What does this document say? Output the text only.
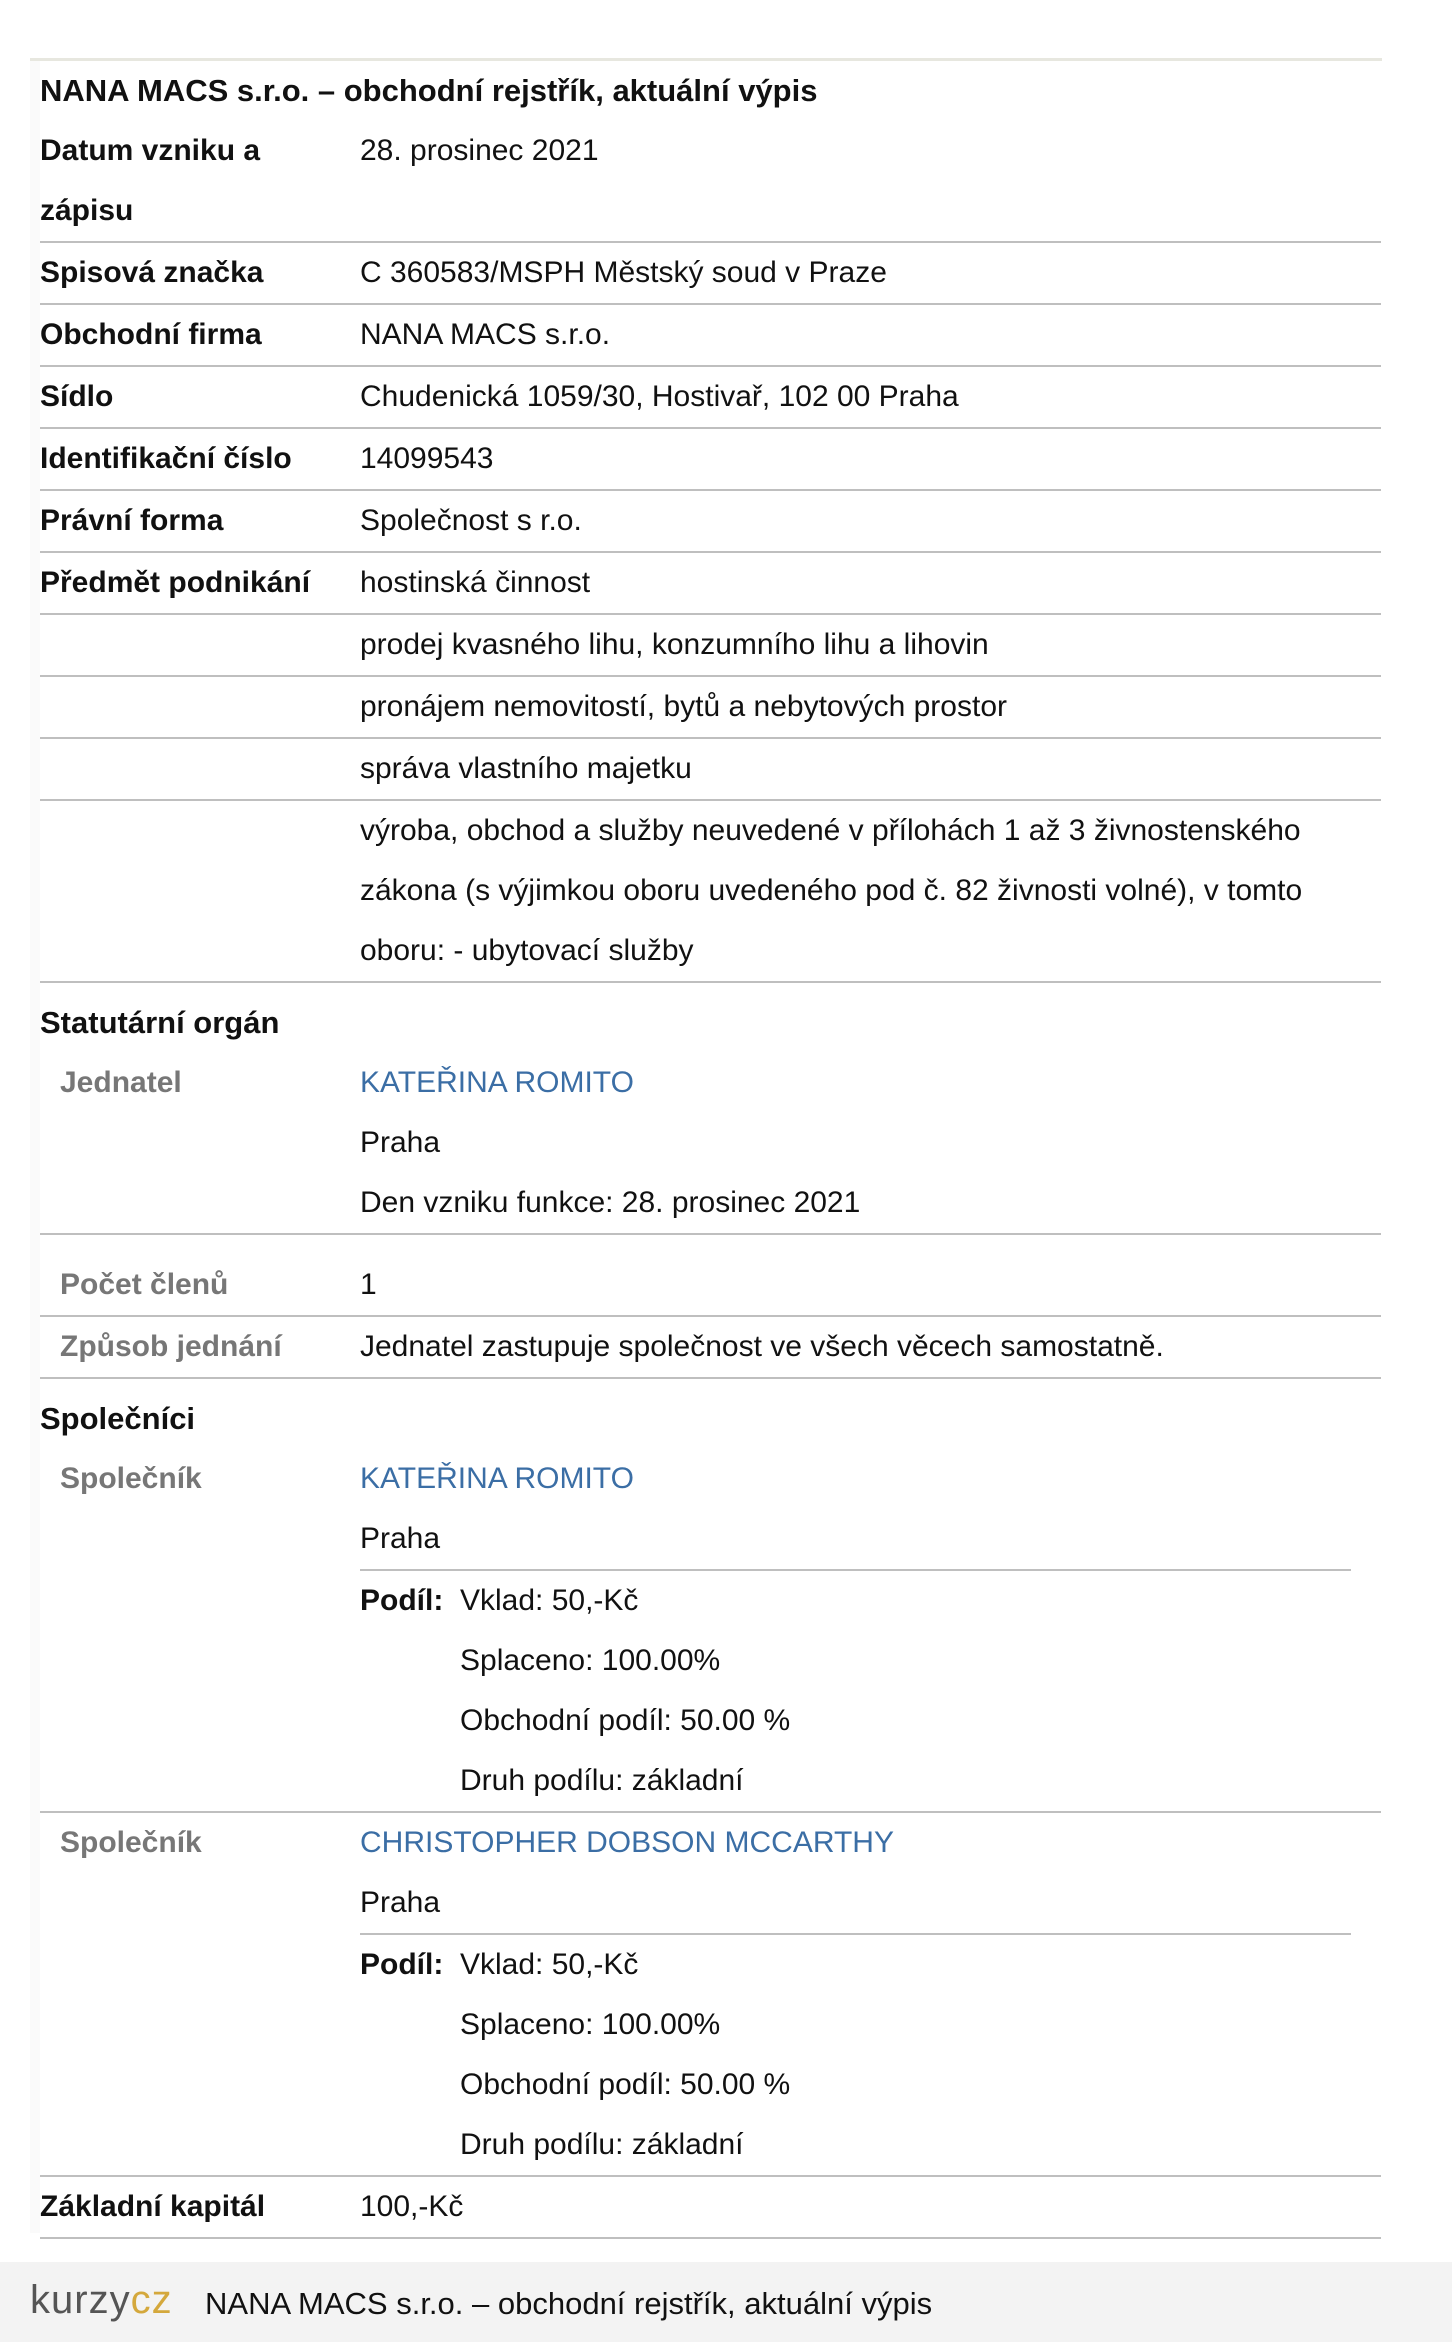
NANA MACS s.r.o. – obchodní rejstřík, aktuální výpis
Datum vzniku a zápisu
28. prosinec 2021
Spisová značka	C 360583/MSPH Městský soud v Praze
Obchodní firma	NANA MACS s.r.o.
Sídlo	Chudenická 1059/30, Hostivař, 102 00 Praha
Identifikační číslo	14099543
Právní forma	Společnost s r.o.
Předmět podnikání	hostinská činnost
prodej kvasného lihu, konzumního lihu a lihovin
pronájem nemovitostí, bytů a nebytových prostor
správa vlastního majetku
výroba, obchod a služby neuvedené v přílohách 1 až 3 živnostenského zákona (s výjimkou oboru uvedeného pod č. 82 živnosti volné), v tomto oboru: - ubytovací služby
Statutární orgán
Jednatel	KATEŘINA ROMITO
Praha
Den vzniku funkce: 28. prosinec 2021
Počet členů	1
Způsob jednání	Jednatel zastupuje společnost ve všech věcech samostatně.
Společníci
Společník	KATEŘINA ROMITO
Praha
Podíl: Vklad: 50,-Kč
Splaceno: 100.00%
Obchodní podíl: 50.00 %
Druh podílu: základní
Společník	CHRISTOPHER DOBSON MCCARTHY
Praha
Podíl: Vklad: 50,-Kč
Splaceno: 100.00%
Obchodní podíl: 50.00 %
Druh podílu: základní
Základní kapitál	100,-Kč
kurzycz NANA MACS s.r.o. – obchodní rejstřík, aktuální výpis
